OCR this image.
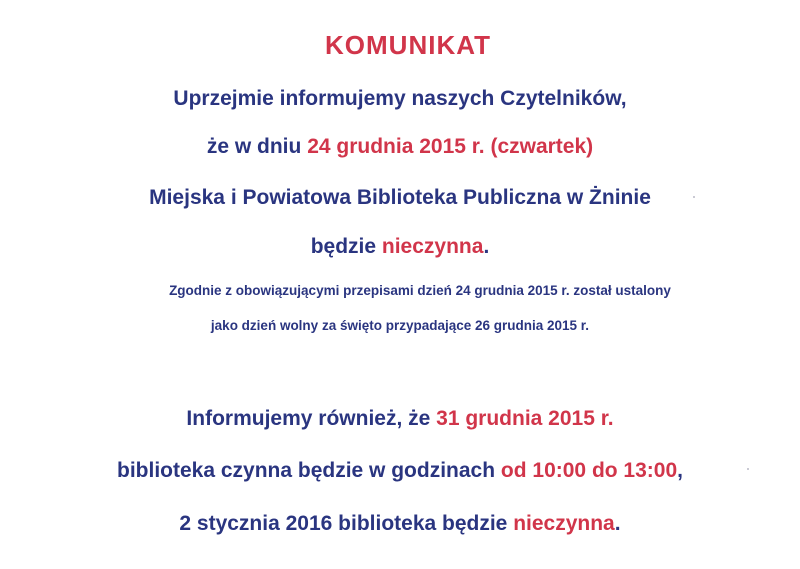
KOMUNIKAT
Uprzejmie informujemy naszych Czytelników,
że w dniu 24 grudnia 2015 r. (czwartek)
Miejska i Powiatowa Biblioteka Publiczna w Żninie
będzie nieczynna.
Zgodnie z obowiązującymi przepisami dzień 24 grudnia 2015 r. został ustalony
jako dzień wolny za święto przypadające 26 grudnia 2015 r.
Informujemy również, że 31 grudnia 2015 r.
biblioteka czynna będzie w godzinach od 10:00 do 13:00,
2 stycznia 2016 biblioteka będzie nieczynna.
